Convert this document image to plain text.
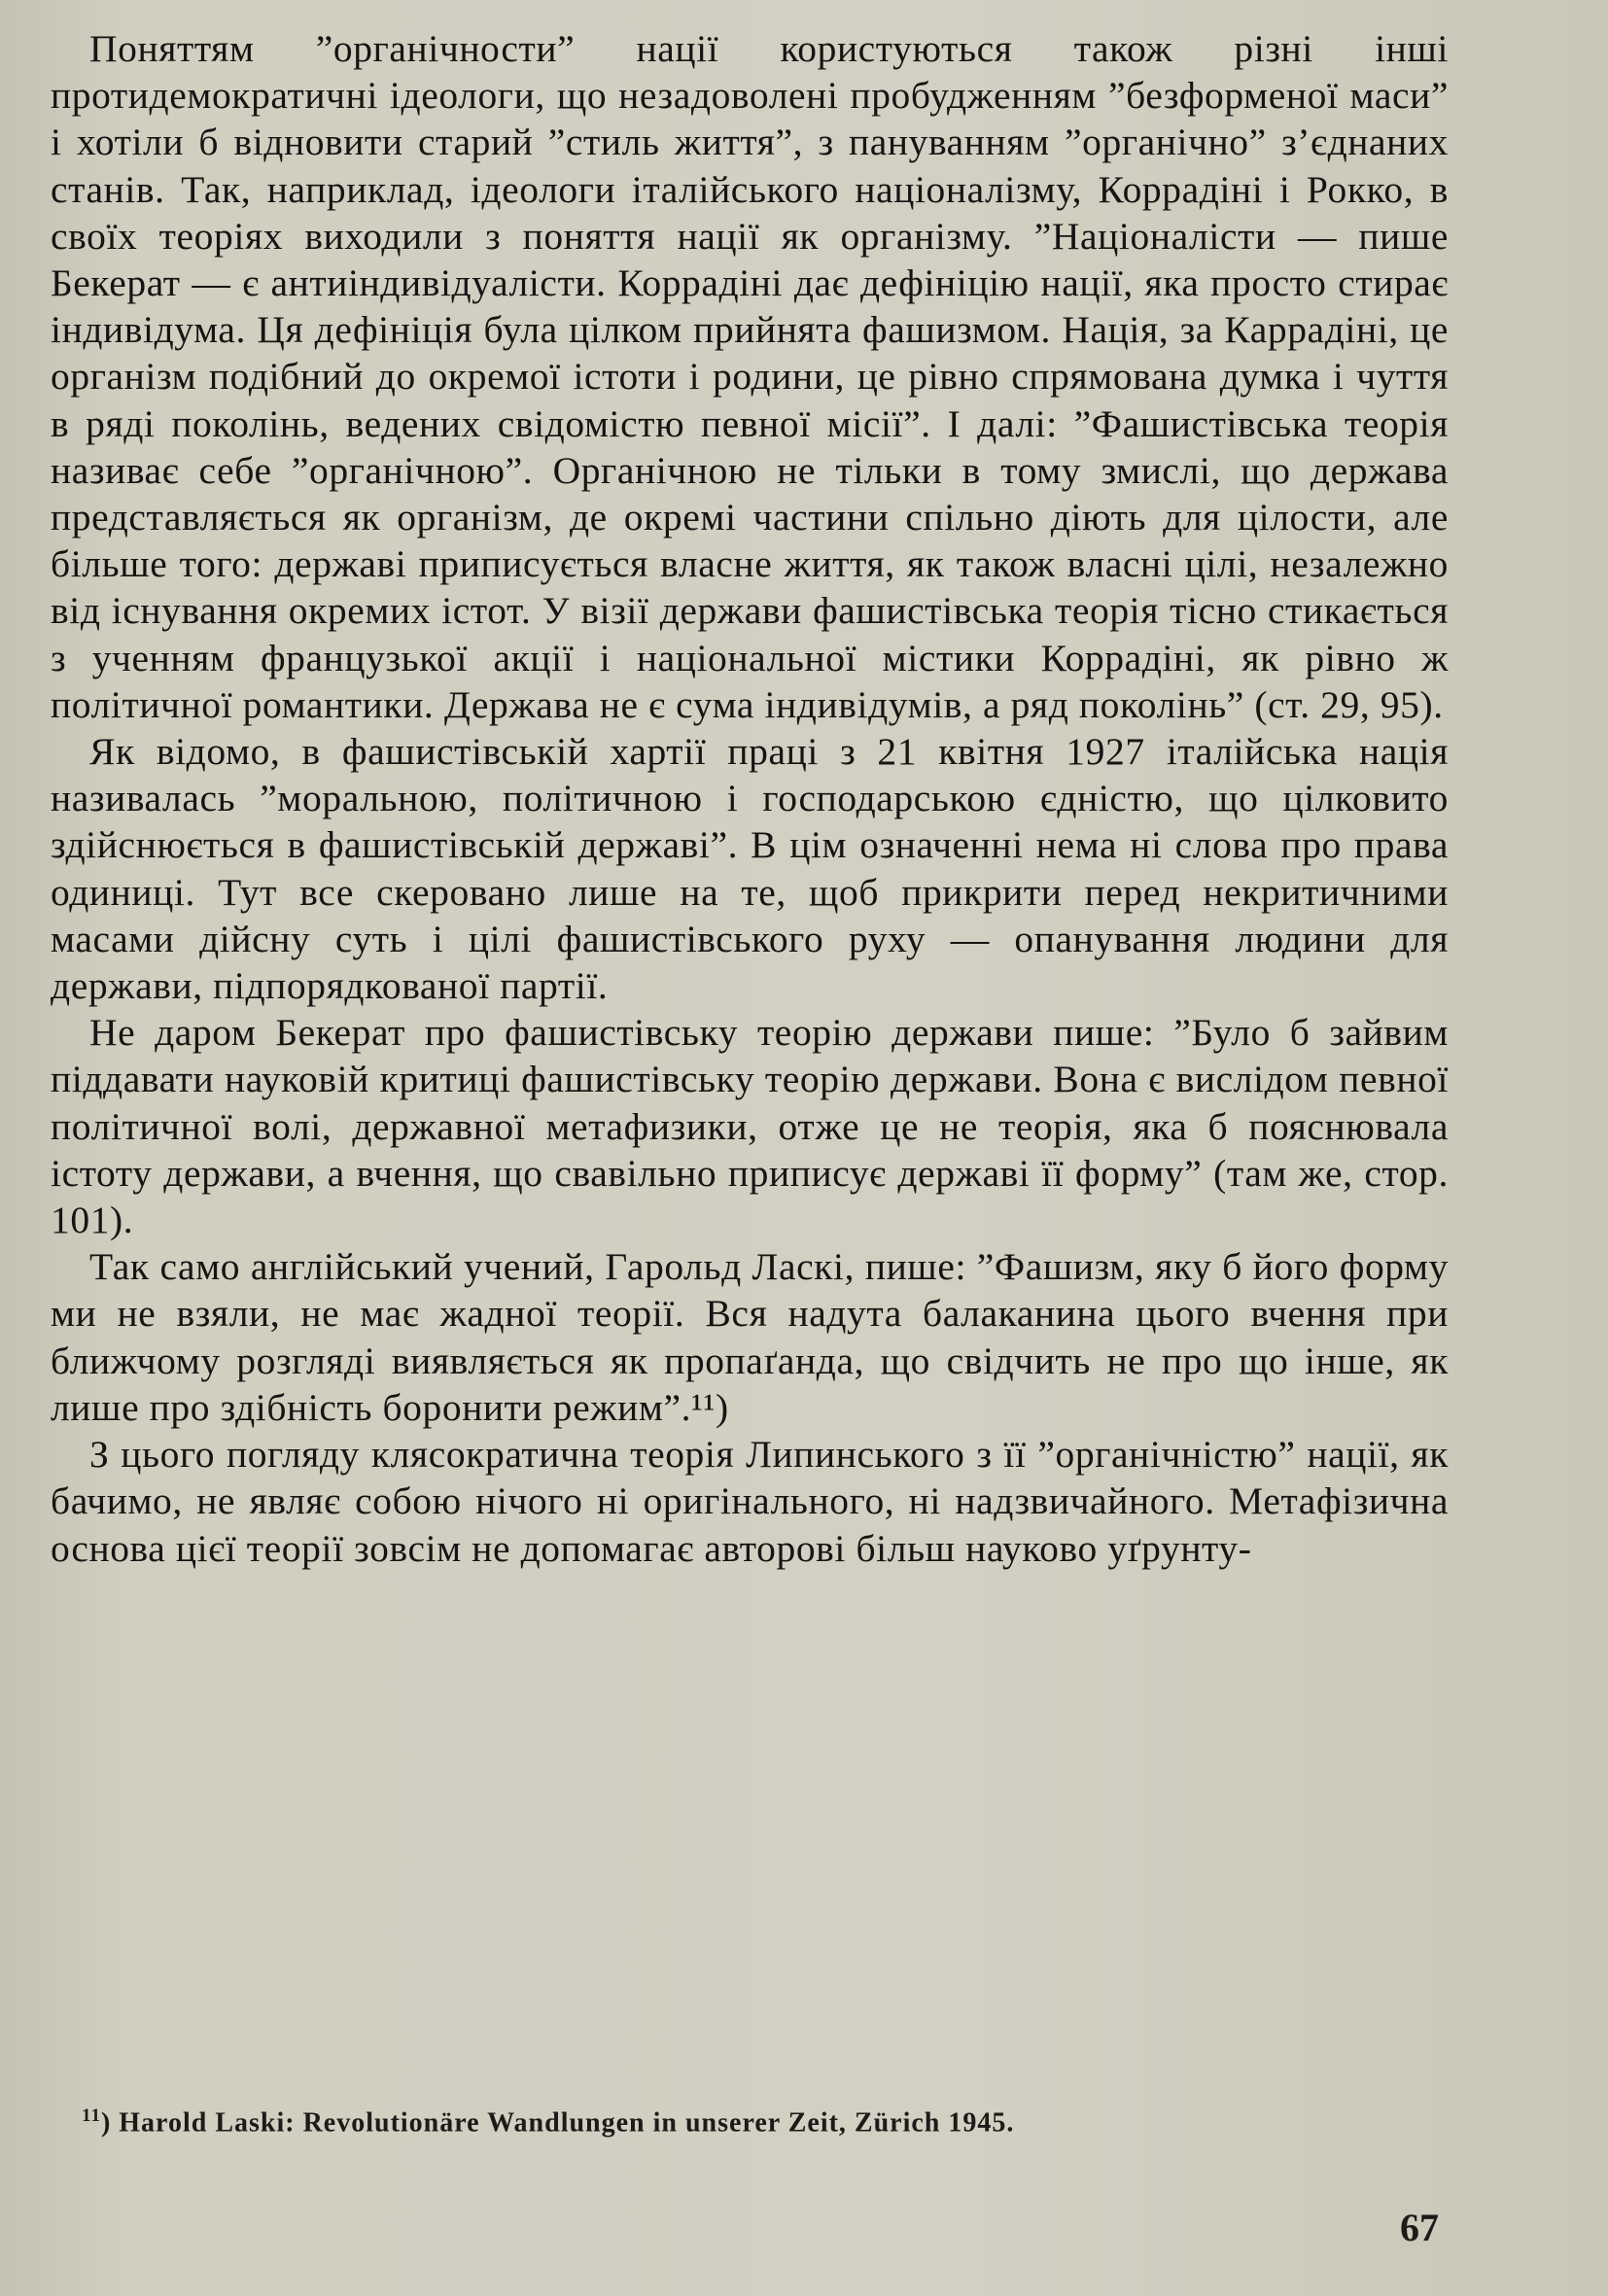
Поняттям ”органічности” нації користуються також різні інші протидемократичні ідеологи, що незадоволені пробудженням ”безформеної маси” і хотіли б відновити старий ”стиль життя”, з пануванням ”органічно” з’єднаних станів. Так, наприклад, ідеологи італійського націоналізму, Коррадіні і Рокко, в своїх теоріях виходили з поняття нації як організму. ”Націоналісти — пише Бекерат — є антиіндивідуалісти. Коррадіні дає дефініцію нації, яка просто стирає індивідума. Ця дефініція була цілком прийнята фашизмом. Нація, за Каррадіні, це організм подібний до окремої істоти і родини, це рівно спрямована думка і чуття в ряді поколінь, ведених свідомістю певної місії”. І далі: ”Фашистівська теорія називає себе ”органічною”. Органічною не тільки в тому змислі, що держава представляється як організм, де окремі частини спільно діють для цілости, але більше того: державі приписується власне життя, як також власні цілі, незалежно від існування окремих істот. У візії держави фашистівська теорія тісно стикається з ученням французької акції і національної містики Коррадіні, як рівно ж політичної романтики. Держава не є сума індивідумів, а ряд поколінь” (ст. 29, 95).

Як відомо, в фашистівській хартії праці з 21 квітня 1927 італійська нація називалась ”моральною, політичною і господарською єдністю, що цілковито здійснюється в фашистівській державі”. В цім означенні нема ні слова про права одиниці. Тут все скеровано лише на те, щоб прикрити перед некритичними масами дійсну суть і цілі фашистівського руху — опанування людини для держави, підпорядкованої партії.

Не даром Бекерат про фашистівську теорію держави пише: ”Було б зайвим піддавати науковій критиці фашистівську теорію держави. Вона є вислідом певної політичної волі, державної метафизики, отже це не теорія, яка б пояснювала істоту держави, а вчення, що свавільно приписує державі її форму” (там же, стор. 101).

Так само англійський учений, Гарольд Ласкі, пише: ”Фашизм, яку б його форму ми не взяли, не має жадної теорії. Вся надута балаканина цього вчення при ближчому розгляді виявляється як пропаґанда, що свідчить не про що інше, як лише про здібність боронити режим”.¹¹)

З цього погляду клясократична теорія Липинського з її ”органічністю” нації, як бачимо, не являє собою нічого ні оригінального, ні надзвичайного. Метафізична основа цієї теорії зовсім не допомагає авторові більш науково уґрунту-

$^{11}$) Harold Laski: Revolutionäre Wandlungen in unserer Zeit, Zürich 1945.
67
